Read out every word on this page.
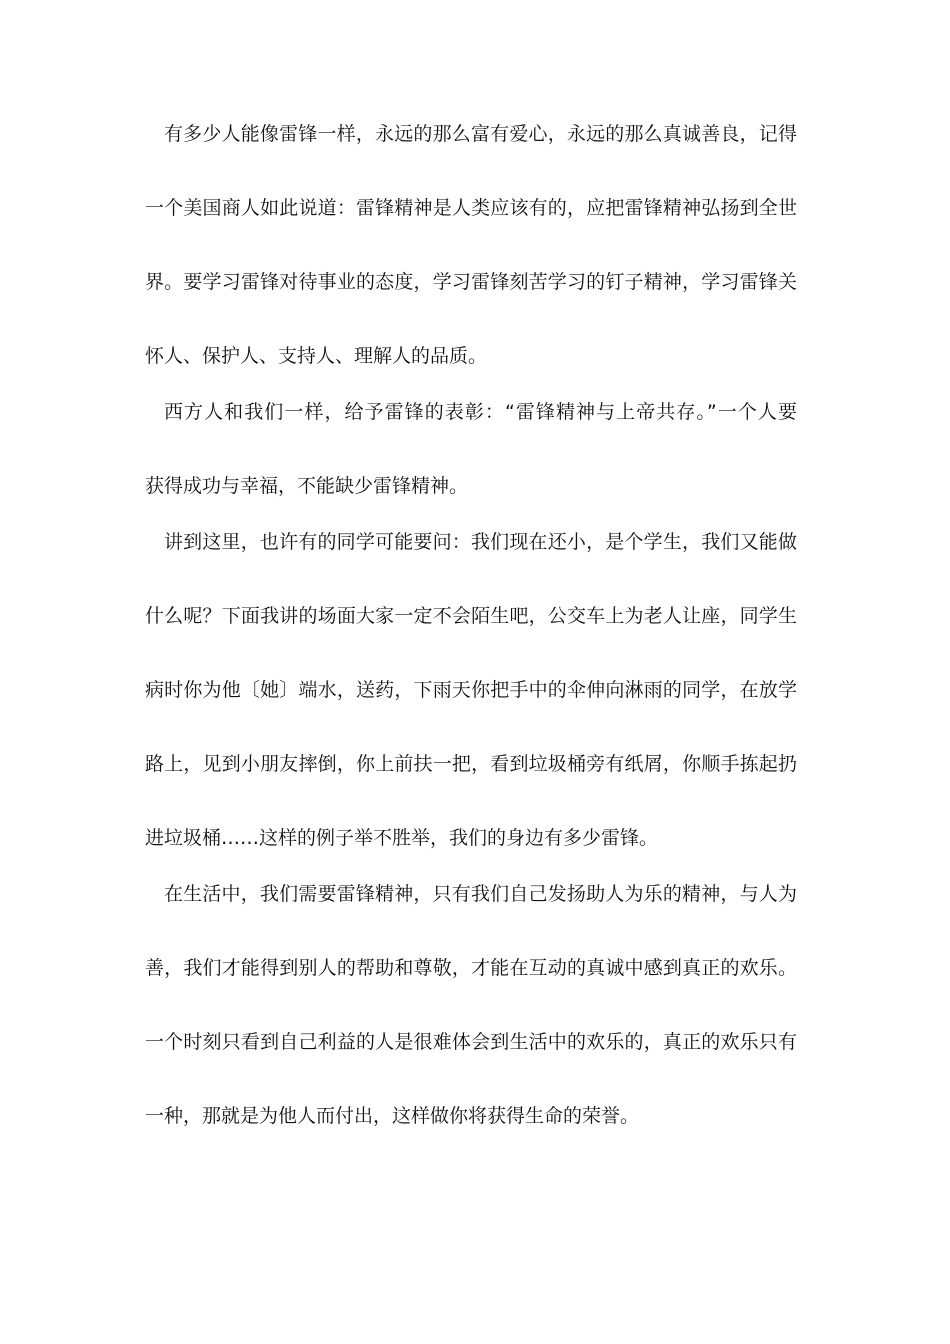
有多少人能像雷锋一样，永远的那么富有爱心，永远的那么真诚善良，记得
一个美国商人如此说道：雷锋精神是人类应该有的，应把雷锋精神弘扬到全世
界。要学习雷锋对待事业的态度，学习雷锋刻苦学习的钉子精神，学习雷锋关
怀人、保护人、支持人、理解人的品质。
西方人和我们一样，给予雷锋的表彰：“雷锋精神与上帝共存。”一个人要
获得成功与幸福，不能缺少雷锋精神。
讲到这里，也许有的同学可能要问：我们现在还小，是个学生，我们又能做
什么呢？下面我讲的场面大家一定不会陌生吧，公交车上为老人让座，同学生
病时你为他〔她〕端水，送药，下雨天你把手中的伞伸向淋雨的同学，在放学
路上，见到小朋友摔倒，你上前扶一把，看到垃圾桶旁有纸屑，你顺手拣起扔
进垃圾桶……这样的例子举不胜举，我们的身边有多少雷锋。
在生活中，我们需要雷锋精神，只有我们自己发扬助人为乐的精神，与人为
善，我们才能得到别人的帮助和尊敬，才能在互动的真诚中感到真正的欢乐。
一个时刻只看到自己利益的人是很难体会到生活中的欢乐的，真正的欢乐只有
一种，那就是为他人而付出，这样做你将获得生命的荣誉。
